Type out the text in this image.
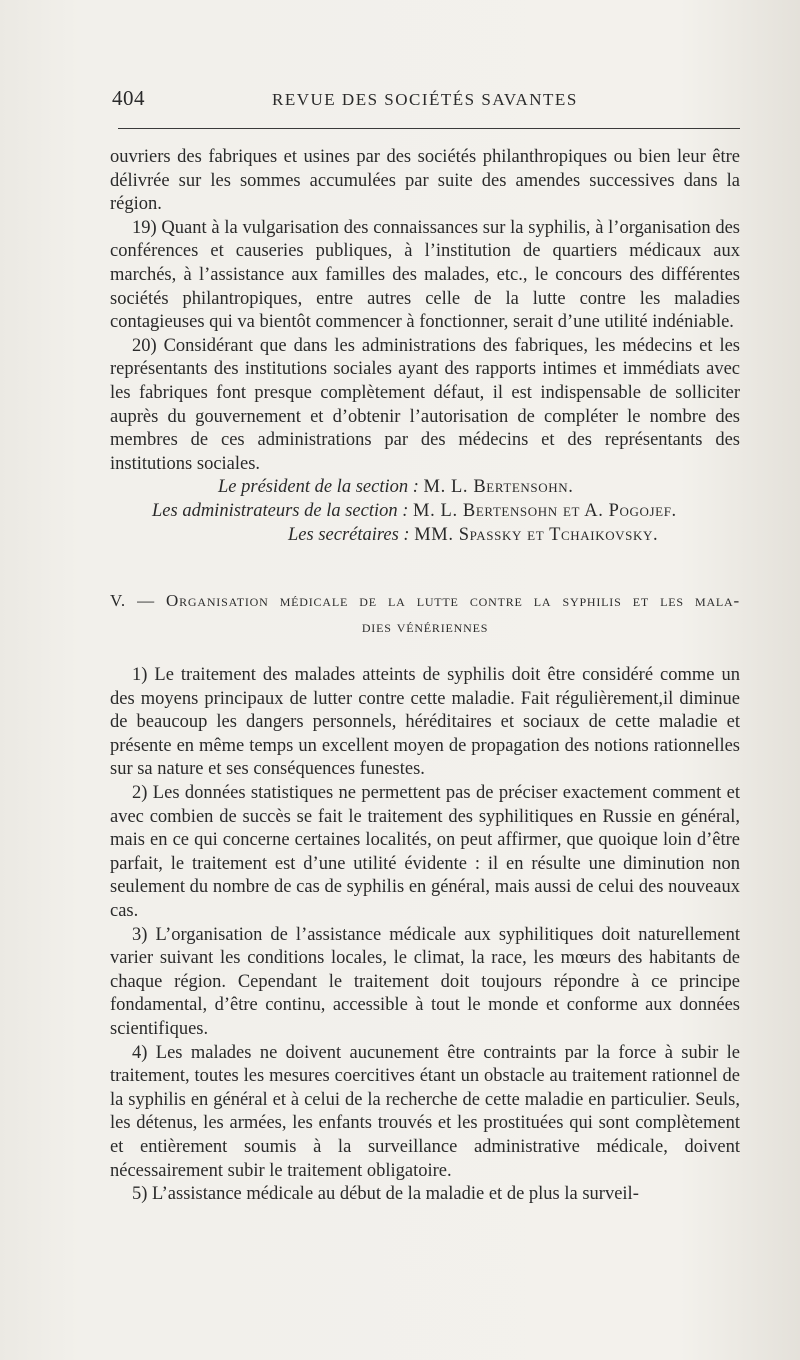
404	REVUE DES SOCIÉTÉS SAVANTES

ouvriers des fabriques et usines par des sociétés philanthropiques ou bien leur être délivrée sur les sommes accumulées par suite des amendes successives dans la région.

19) Quant à la vulgarisation des connaissances sur la syphilis, à l’organisation des conférences et causeries publiques, à l’institution de quartiers médicaux aux marchés, à l’assistance aux familles des malades, etc., le concours des différentes sociétés philantropiques, entre autres celle de la lutte contre les maladies contagieuses qui va bientôt commencer à fonctionner, serait d’une utilité indéniable.

20) Considérant que dans les administrations des fabriques, les médecins et les représentants des institutions sociales ayant des rapports intimes et immédiats avec les fabriques font presque complètement défaut, il est indispensable de solliciter auprès du gouvernement et d’obtenir l’autorisation de compléter le nombre des membres de ces administrations par des médecins et des représentants des institutions sociales.

Le président de la section : M. L. Bertensohn.

Les administrateurs de la section : M. L. Bertensohn et A. Pogojef.

Les secrétaires : MM. Spassky et Tchaikovsky.

V. — Organisation médicale de la lutte contre la syphilis et les mala-
dies vénériennes

1) Le traitement des malades atteints de syphilis doit être considéré comme un des moyens principaux de lutter contre cette maladie. Fait régulièrement,il diminue de beaucoup les dangers personnels, héréditaires et sociaux de cette maladie et présente en même temps un excellent moyen de propagation des notions rationnelles sur sa nature et ses conséquences funestes.

2) Les données statistiques ne permettent pas de préciser exactement comment et avec combien de succès se fait le traitement des syphilitiques en Russie en général, mais en ce qui concerne certaines localités, on peut affirmer, que quoique loin d’être parfait, le traitement est d’une utilité évidente : il en résulte une diminution non seulement du nombre de cas de syphilis en général, mais aussi de celui des nouveaux cas.

3) L’organisation de l’assistance médicale aux syphilitiques doit naturellement varier suivant les conditions locales, le climat, la race, les mœurs des habitants de chaque région. Cependant le traitement doit toujours répondre à ce principe fondamental, d’être continu, accessible à tout le monde et conforme aux données scientifiques.

4) Les malades ne doivent aucunement être contraints par la force à subir le traitement, toutes les mesures coercitives étant un obstacle au traitement rationnel de la syphilis en général et à celui de la recherche de cette maladie en particulier. Seuls, les détenus, les armées, les enfants trouvés et les prostituées qui sont complètement et entièrement soumis à la surveillance administrative médicale, doivent nécessairement subir le traitement obligatoire.

5) L’assistance médicale au début de la maladie et de plus la surveil-
